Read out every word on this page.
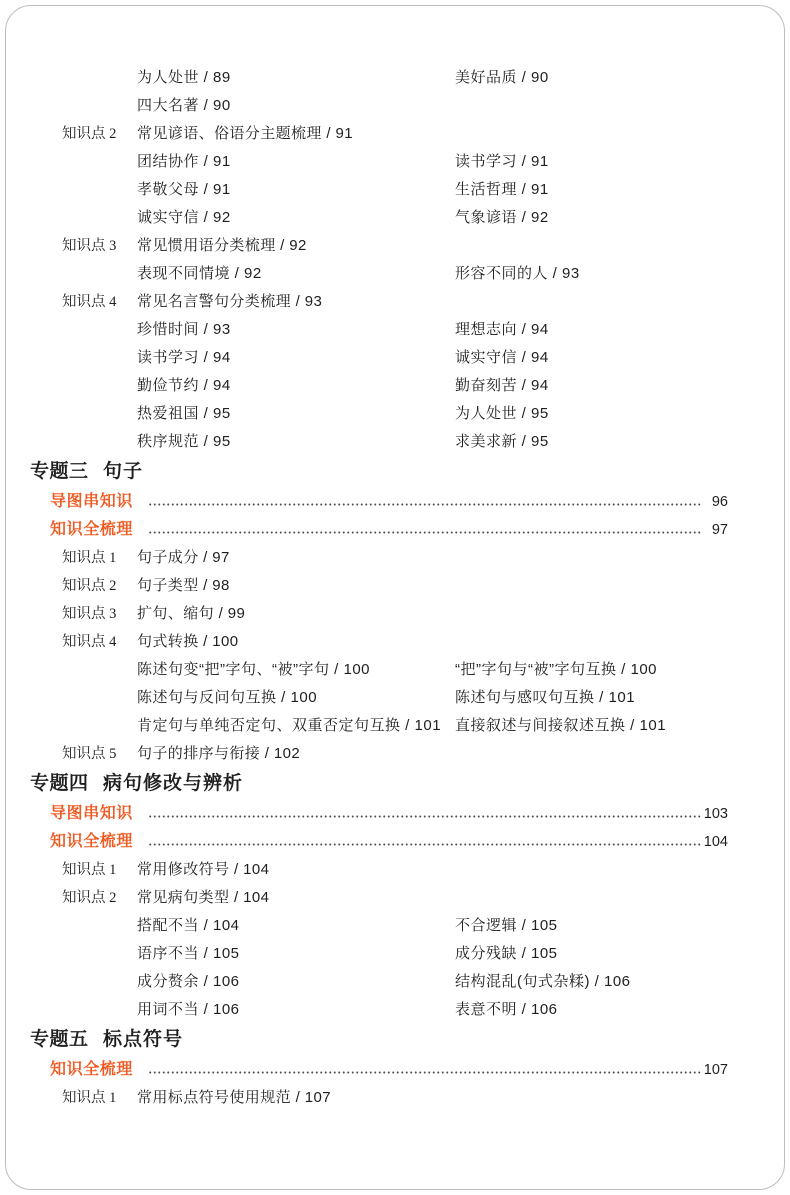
为人处世 / 89	美好品质 / 90
四大名著 / 90
知识点 2 常见谚语、俗语分主题梳理 / 91
团结协作 / 91	读书学习 / 91
孝敬父母 / 91	生活哲理 / 91
诚实守信 / 92	气象谚语 / 92
知识点 3 常见惯用语分类梳理 / 92
表现不同情境 / 92	形容不同的人 / 93
知识点 4 常见名言警句分类梳理 / 93
珍惜时间 / 93	理想志向 / 94
读书学习 / 94	诚实守信 / 94
勤俭节约 / 94	勤奋刻苦 / 94
热爱祖国 / 95	为人处世 / 95
秩序规范 / 95	求美求新 / 95
专题三 句子
导图串知识	96
知识全梳理	97
知识点 1 句子成分 / 97
知识点 2 句子类型 / 98
知识点 3 扩句、缩句 / 99
知识点 4 句式转换 / 100
陈述句变“把”字句、“被”字句 / 100	“把”字句与“被”字句互换 / 100
陈述句与反问句互换 / 100	陈述句与感叹句互换 / 101
肯定句与单纯否定句、双重否定句互换 / 101 直接叙述与间接叙述互换 / 101
知识点 5 句子的排序与衔接 / 102
专题四 病句修改与辨析
导图串知识	103
知识全梳理	104
知识点 1 常用修改符号 / 104
知识点 2 常见病句类型 / 104
搭配不当 / 104	不合逻辑 / 105
语序不当 / 105	成分残缺 / 105
成分赘余 / 106	结构混乱(句式杂糅) / 106
用词不当 / 106	表意不明 / 106
专题五 标点符号
知识全梳理	107
知识点 1 常用标点符号使用规范 / 107
